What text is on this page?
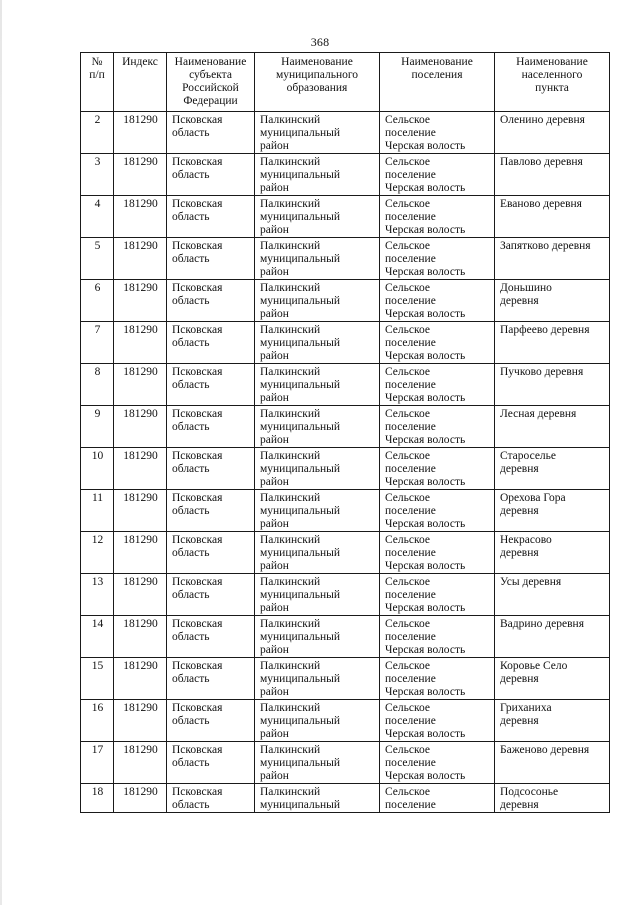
368
№
п/п	Индекс	Наименование
субъекта
Российской
Федерации	Наименование
муниципального
образования	Наименование
поселения	Наименование
населенного
пункта
2	181290	Псковская
область	Палкинский
муниципальный
район	Сельское
поселение
Черская волость	Оленино деревня
3	181290	Псковская
область	Палкинский
муниципальный
район	Сельское
поселение
Черская волость	Павлово деревня
4	181290	Псковская
область	Палкинский
муниципальный
район	Сельское
поселение
Черская волость	Еваново деревня
5	181290	Псковская
область	Палкинский
муниципальный
район	Сельское
поселение
Черская волость	Запятково деревня
6	181290	Псковская
область	Палкинский
муниципальный
район	Сельское
поселение
Черская волость	Доньшино
деревня
7	181290	Псковская
область	Палкинский
муниципальный
район	Сельское
поселение
Черская волость	Парфеево деревня
8	181290	Псковская
область	Палкинский
муниципальный
район	Сельское
поселение
Черская волость	Пучково деревня
9	181290	Псковская
область	Палкинский
муниципальный
район	Сельское
поселение
Черская волость	Лесная деревня
10	181290	Псковская
область	Палкинский
муниципальный
район	Сельское
поселение
Черская волость	Староселье
деревня
11	181290	Псковская
область	Палкинский
муниципальный
район	Сельское
поселение
Черская волость	Орехова Гора
деревня
12	181290	Псковская
область	Палкинский
муниципальный
район	Сельское
поселение
Черская волость	Некрасово
деревня
13	181290	Псковская
область	Палкинский
муниципальный
район	Сельское
поселение
Черская волость	Усы деревня
14	181290	Псковская
область	Палкинский
муниципальный
район	Сельское
поселение
Черская волость	Вадрино деревня
15	181290	Псковская
область	Палкинский
муниципальный
район	Сельское
поселение
Черская волость	Коровье Село
деревня
16	181290	Псковская
область	Палкинский
муниципальный
район	Сельское
поселение
Черская волость	Гриханиха
деревня
17	181290	Псковская
область	Палкинский
муниципальный
район	Сельское
поселение
Черская волость	Баженово деревня

18	181290	Псковская
область	Палкинский
муниципальный	Сельское
поселение	Подсосонье
деревня
